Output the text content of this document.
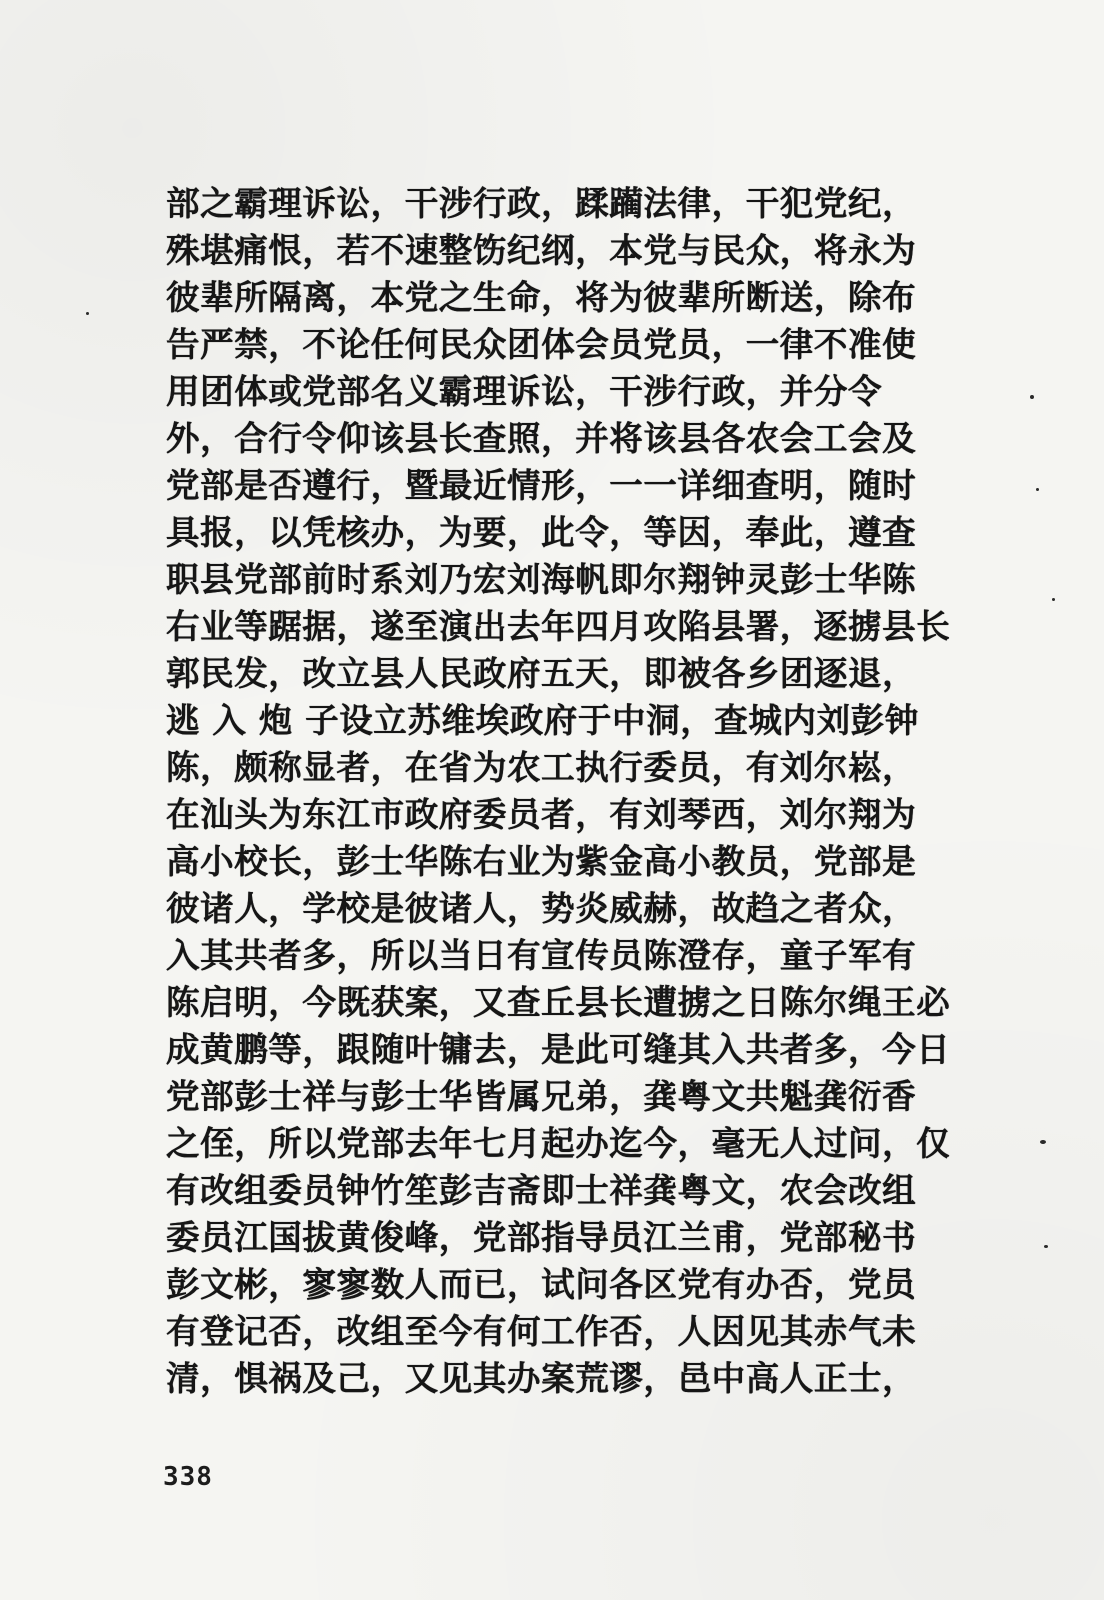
部之霸理诉讼，干涉行政，蹂躏法律，干犯党纪，
殊堪痛恨，若不速整饬纪纲，本党与民众，将永为
彼辈所隔离，本党之生命，将为彼辈所断送，除布
告严禁，不论任何民众团体会员党员，一律不准使
用团体或党部名义霸理诉讼，干涉行政，并分令
外，合行令仰该县长查照，并将该县各农会工会及
党部是否遵行，暨最近情形，一一详细查明，随时
具报，以凭核办，为要，此令，等因，奉此，遵查
职县党部前时系刘乃宏刘海帆即尔翔钟灵彭士华陈
右业等踞据，遂至演出去年四月攻陷县署，逐掳县长
郭民发，改立县人民政府五天，即被各乡团逐退，
逃 入 炮 子设立苏维埃政府于中洞，查城内刘彭钟
陈，颇称显者，在省为农工执行委员，有刘尔崧，
在汕头为东江市政府委员者，有刘琴西，刘尔翔为
高小校长，彭士华陈右业为紫金高小教员，党部是
彼诸人，学校是彼诸人，势炎威赫，故趋之者众，
入其共者多，所以当日有宣传员陈澄存，童子军有
陈启明，今既获案，又查丘县长遭掳之日陈尔绳王必
成黄鹏等，跟随叶镛去，是此可缝其入共者多，今日
党部彭士祥与彭士华皆属兄弟，龚粤文共魁龚衍香
之侄，所以党部去年七月起办迄今，毫无人过问，仅
有改组委员钟竹笙彭吉斋即士祥龚粤文，农会改组
委员江国拔黄俊峰，党部指导员江兰甫，党部秘书
彭文彬，寥寥数人而已，试问各区党有办否，党员
有登记否，改组至今有何工作否，人因见其赤气未
清，惧祸及己，又见其办案荒谬，邑中高人正士，
338
